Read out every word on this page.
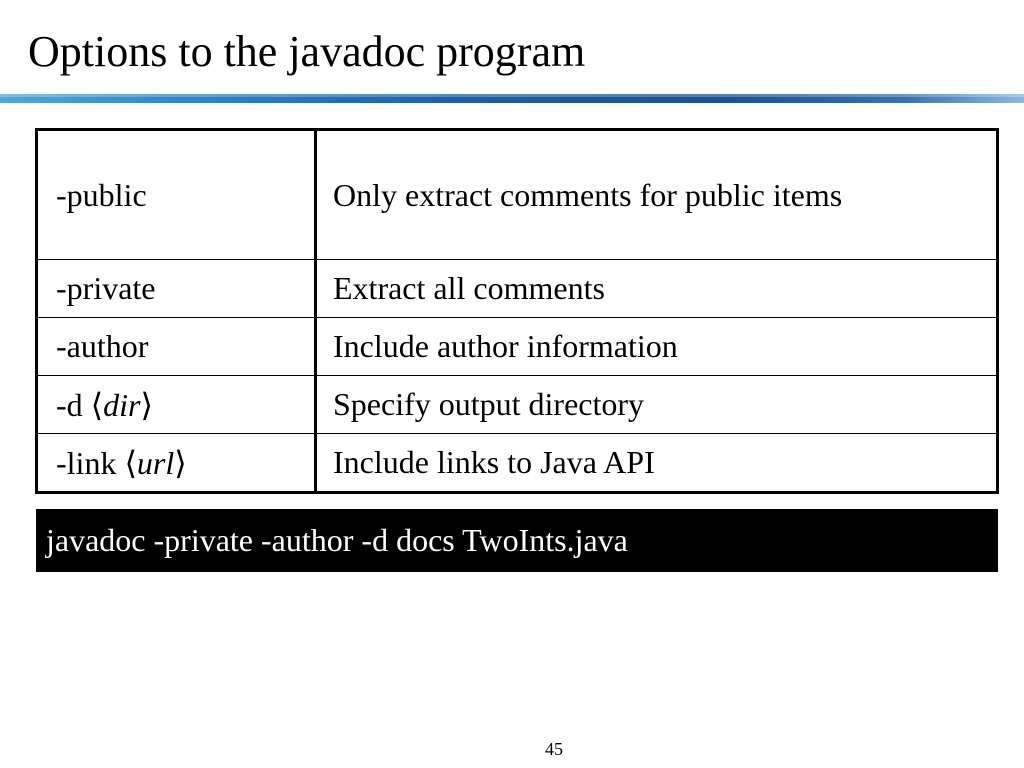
Options to the javadoc program
-public	Only extract comments for public items
-private	Extract all comments
-author	Include author information
-d ⟨dir⟩	Specify output directory
-link ⟨url⟩	Include links to Java API
javadoc -private -author -d docs TwoInts.java
45
